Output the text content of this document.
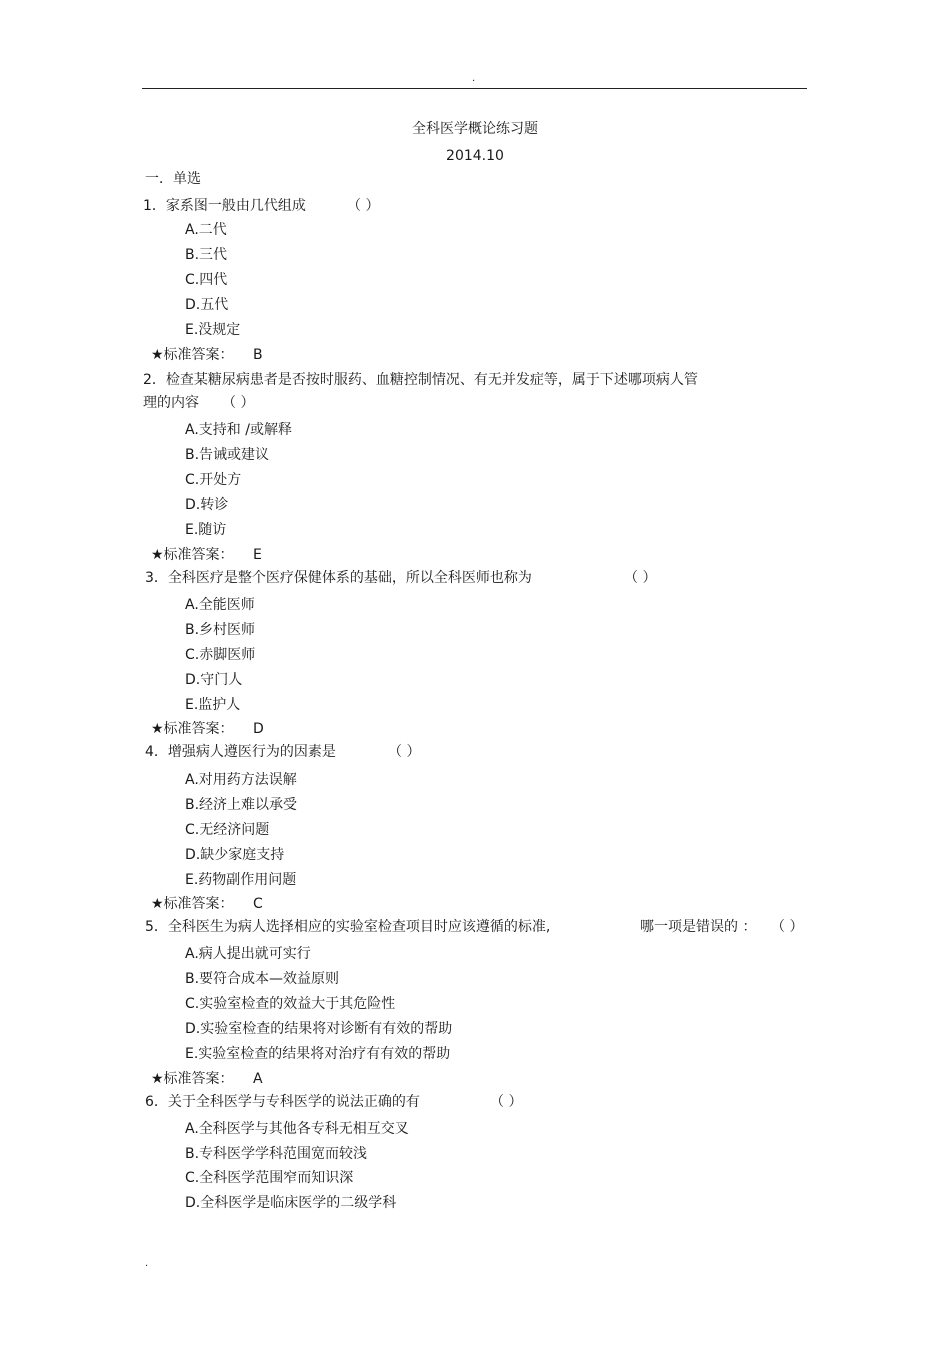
.
全科医学概论练习题
2014.10
一．单选
1．家系图一般由几代组成	（ ）
A.二代
B.三代
C.四代
D.五代
E.没规定
★标准答案： B
2．检查某糖尿病患者是否按时服药、血糖控制情况、有无并发症等，属于下述哪项病人管
理的内容 （ ）
A.支持和 /或解释
B.告诫或建议
C.开处方
D.转诊
E.随访
★标准答案： E
3．全科医疗是整个医疗保健体系的基础，所以全科医师也称为	（ ）
A.全能医师
B.乡村医师
C.赤脚医师
D.守门人
E.监护人
★标准答案： D
4．增强病人遵医行为的因素是	（ ）
A.对用药方法误解
B.经济上难以承受
C.无经济问题
D.缺少家庭支持
E.药物副作用问题
★标准答案： C
5．全科医生为病人选择相应的实验室检查项目时应该遵循的标准,	哪一项是错误的 ： （ ）
A.病人提出就可实行
B.要符合成本—效益原则
C.实验室检查的效益大于其危险性
D.实验室检查的结果将对诊断有有效的帮助
E.实验室检查的结果将对治疗有有效的帮助
★标准答案： A
6．关于全科医学与专科医学的说法正确的有	（ ）
A.全科医学与其他各专科无相互交叉
B.专科医学学科范围宽而较浅
C.全科医学范围窄而知识深
D.全科医学是临床医学的二级学科
.
